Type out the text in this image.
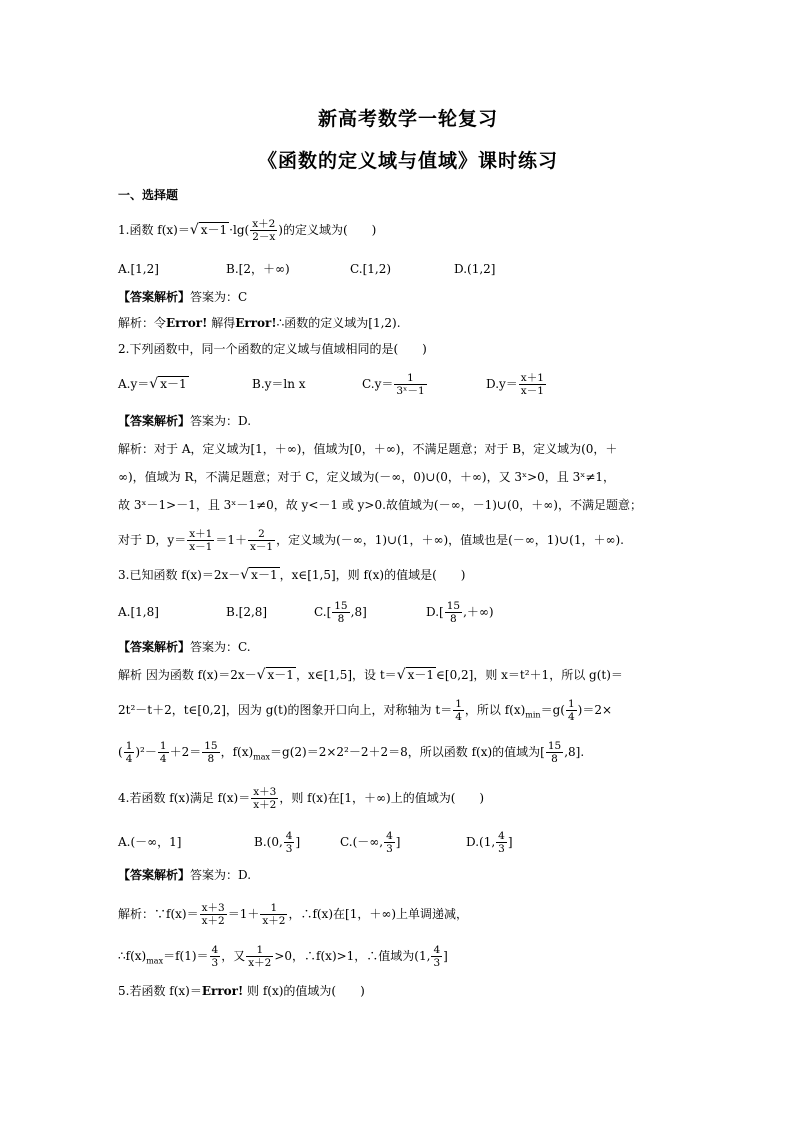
新高考数学一轮复习
《函数的定义域与值域》课时练习
一、选择题
1.函数 f(x)＝√ $x-1 \cdot\lg( \frac{x+2}{2-x}$ )的定义域为(　　)
A.[1,2]	B.[2，＋∞)	C.[1,2)	D.(1,2]
【答案解析】答案为：C
解析：令Error! 解得Error!∴函数的定义域为[1,2).
2.下列函数中，同一个函数的定义域与值域相同的是(　　)
A.y＝√ x－1	B.y＝ln x	$C.y= \frac{1}{\text{3ˣ－1}}$	$D.y= \frac{x+1}{x-1}$
【答案解析】答案为：D.
解析：对于 A，定义域为[1，＋∞)，值域为[0，＋∞)，不满足题意；对于 B，定义域为(0，＋
∞)，值域为 R，不满足题意；对于 C，定义域为(－∞，0)∪(0，＋∞)，又 3ˣ>0，且 3ˣ≠1，
故 3ˣ－1>－1，且 3ˣ－1≠0，故 y<－1 或 y>0.故值域为(－∞，－1)∪(0，＋∞)，不满足题意；
对于 D，$y= \frac{x+1}{x-1} =1+ \frac{2}{x-1}$ ，定义域为(－∞，1)∪(1，＋∞)，值域也是(－∞，1)∪(1，＋∞).
3.已知函数 f(x)＝2x－√ x－1 ，x∈[1,5]，则 f(x)的值域是(　　)
A.[1,8]	B.[2,8]	$C.[ \frac{15}{8} ,8]$	$D.[ \frac{15}{8}$ ,＋∞)
【答案解析】答案为：C.
解析 因为函数 f(x)＝2x－√ x－1 ，x∈[1,5]，设 t＝√ x－1 ∈[0,2]，则 x＝t²＋1，所以 g(t)＝
2t²－t＋2，t∈[0,2]，因为 g(t)的图象开口向上，对称轴为 $t= \frac{1}{4}$ ，所以 $f(x)_{min}=g( \frac{1}{4} )=2\times$
( $\frac{1}{4} )^2- \frac{1}{4} +2= \frac{15}{8}$ ，$f(x)_{max}=g(2)=2\times 2^2-2+2=8$，所以函数 f(x)的值域为[ $\frac{15}{8} ,8$].
4.若函数 f(x)满足 $f(x)= \frac{x+3}{x+2}$ ，则 f(x)在[1，＋∞)上的值域为(　　)
A.(－∞，1]	B.(0, $\frac{4}{3}$ ]	C.(－∞, $\frac{4}{3}$ ]	D.(1, $\frac{4}{3}$ ]
【答案解析】答案为：D.
解析：∵f(x)＝ $\frac{x+3}{x+2} =1+ \frac{1}{x+2}$ ，∴f(x)在[1，＋∞)上单调递减，
$\therefore f(x)_{max}=f(1)= \frac{4}{3}$ ，又 $\frac{1}{x+2} >0$，∴f(x)>1，∴值域为(1, $\frac{4}{3}$ ]
5.若函数 f(x)＝Error! 则 f(x)的值域为(　　)
